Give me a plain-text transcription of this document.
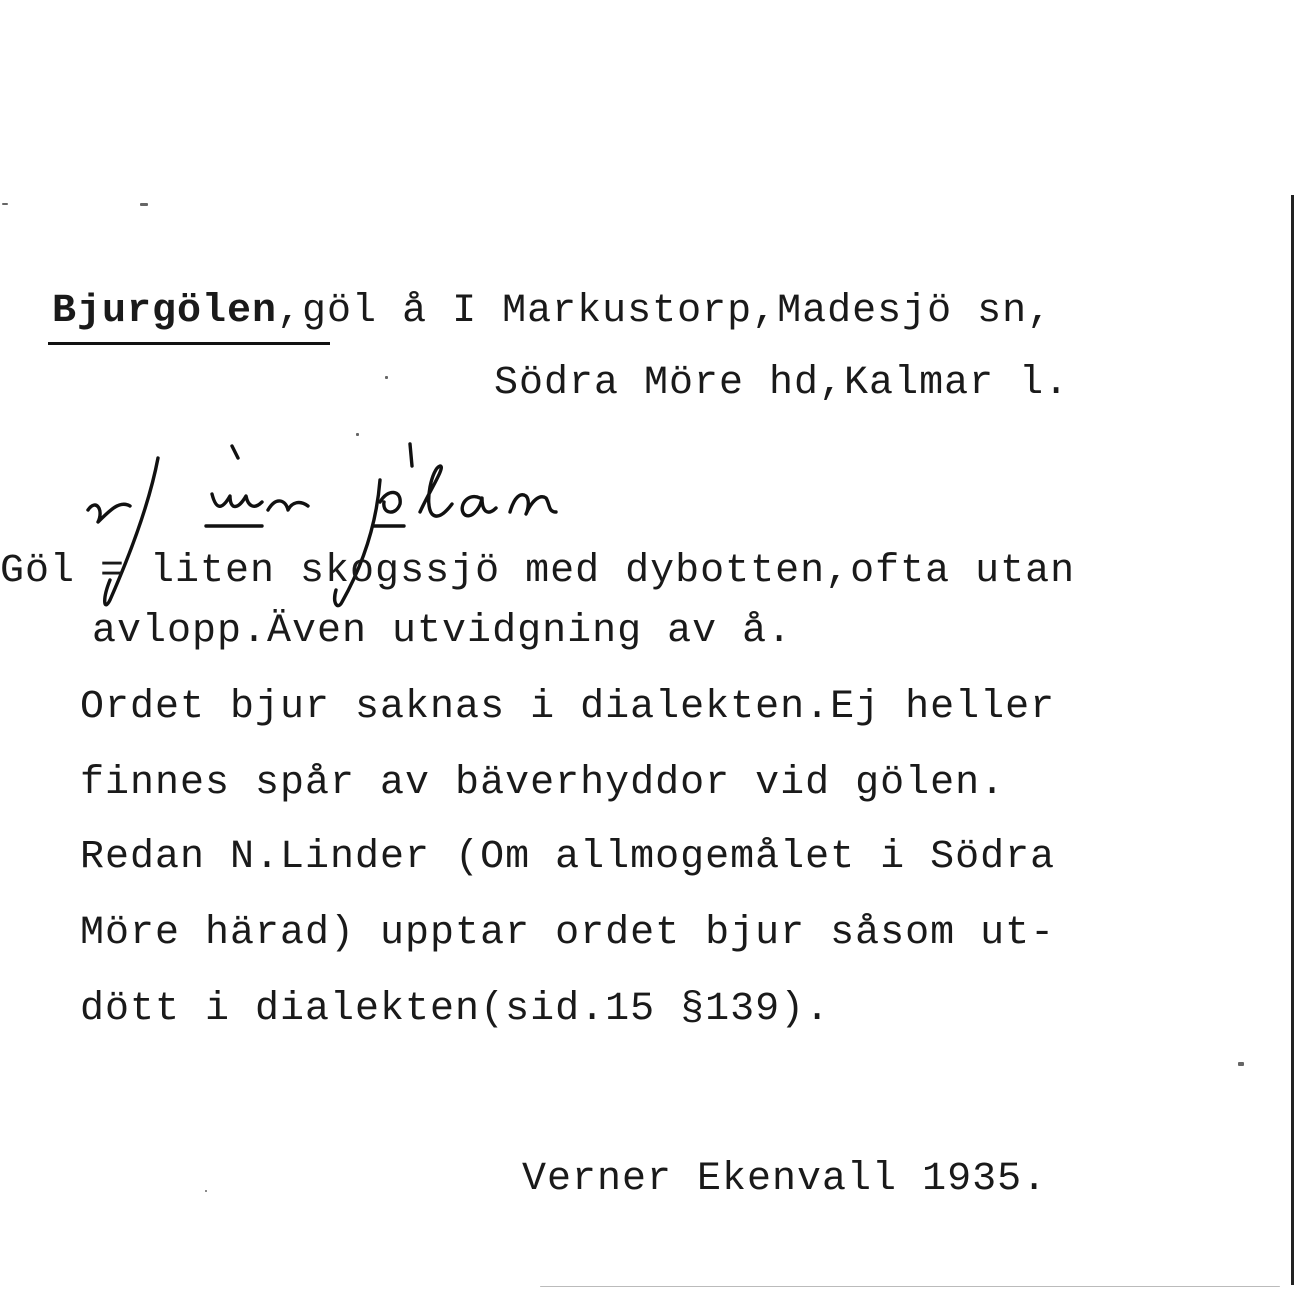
Bjurgölen,göl å I Markustorp,Madesjö sn,
Södra Möre hd,Kalmar l.
Göl = liten skogssjö med dybotten,ofta utan
avlopp.Även utvidgning av å.
Ordet bjur saknas i dialekten.Ej heller
finnes spår av bäverhyddor vid gölen.
Redan N.Linder (Om allmogemålet i Södra
Möre härad) upptar ordet bjur såsom ut-
dött i dialekten(sid.15 §139).
Verner Ekenvall 1935.
